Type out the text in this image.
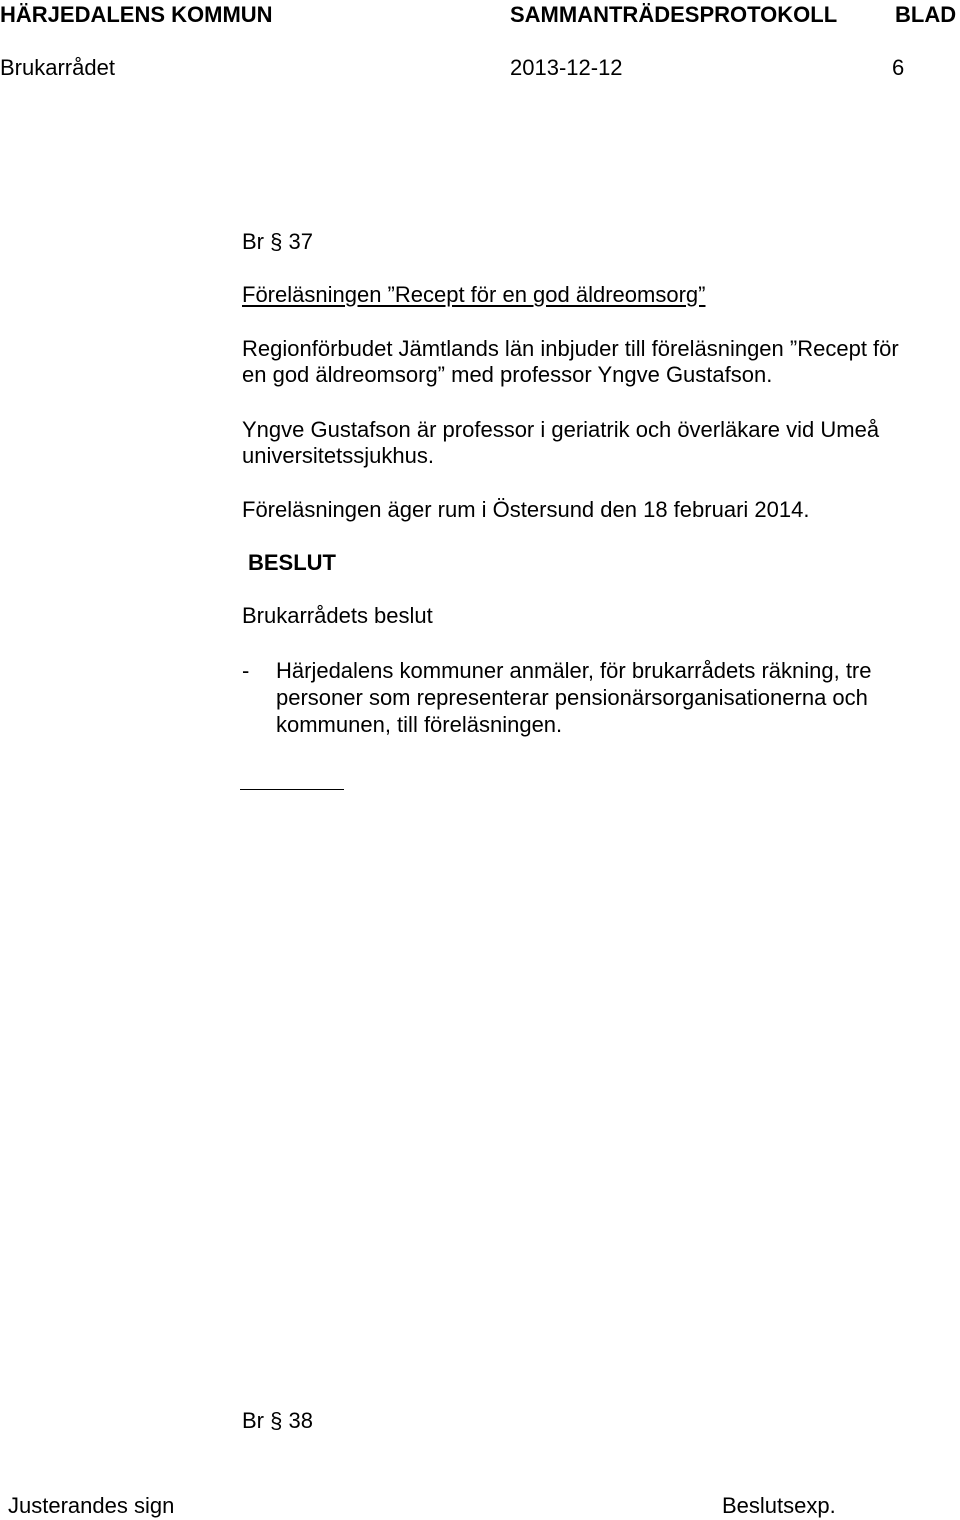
HÄRJEDALENS KOMMUN	SAMMANTRÄDESPROTOKOLL	BLAD
Brukarrådet	2013-12-12	6
Br § 37
Föreläsningen ”Recept för en god äldreomsorg”
Regionförbudet Jämtlands län inbjuder till föreläsningen ”Recept för
en god äldreomsorg” med professor Yngve Gustafson.
Yngve Gustafson är professor i geriatrik och överläkare vid Umeå
universitetssjukhus.
Föreläsningen äger rum i Östersund den 18 februari 2014.
BESLUT
Brukarrådets beslut
- Härjedalens kommuner anmäler, för brukarrådets räkning, tre
personer som representerar pensionärsorganisationerna och
kommunen, till föreläsningen.
Br § 38
Justerandes sign	Beslutsexp.
